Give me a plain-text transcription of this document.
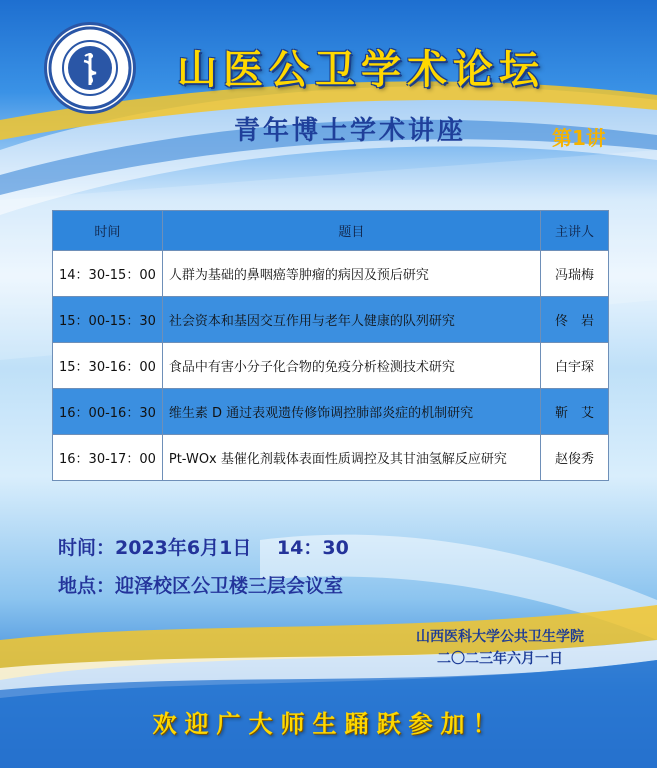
山医公卫学术论坛
青年博士学术讲座	第1讲
时间	题目	主讲人
14：30-15：00	人群为基础的鼻咽癌等肿瘤的病因及预后研究	冯瑞梅
15：00-15：30	社会资本和基因交互作用与老年人健康的队列研究	佟　岩
15：30-16：00	食品中有害小分子化合物的免疫分析检测技术研究	白宇琛
16：00-16：30	维生素 D 通过表观遗传修饰调控肺部炎症的机制研究	靳　艾
16：30-17：00	Pt-WOx 基催化剂载体表面性质调控及其甘油氢解反应研究	赵俊秀
时间：2023年6月1日　 14：30
地点：迎泽校区公卫楼三层会议室
山西医科大学公共卫生学院
二〇二三年六月一日
欢迎广大师生踊跃参加！
